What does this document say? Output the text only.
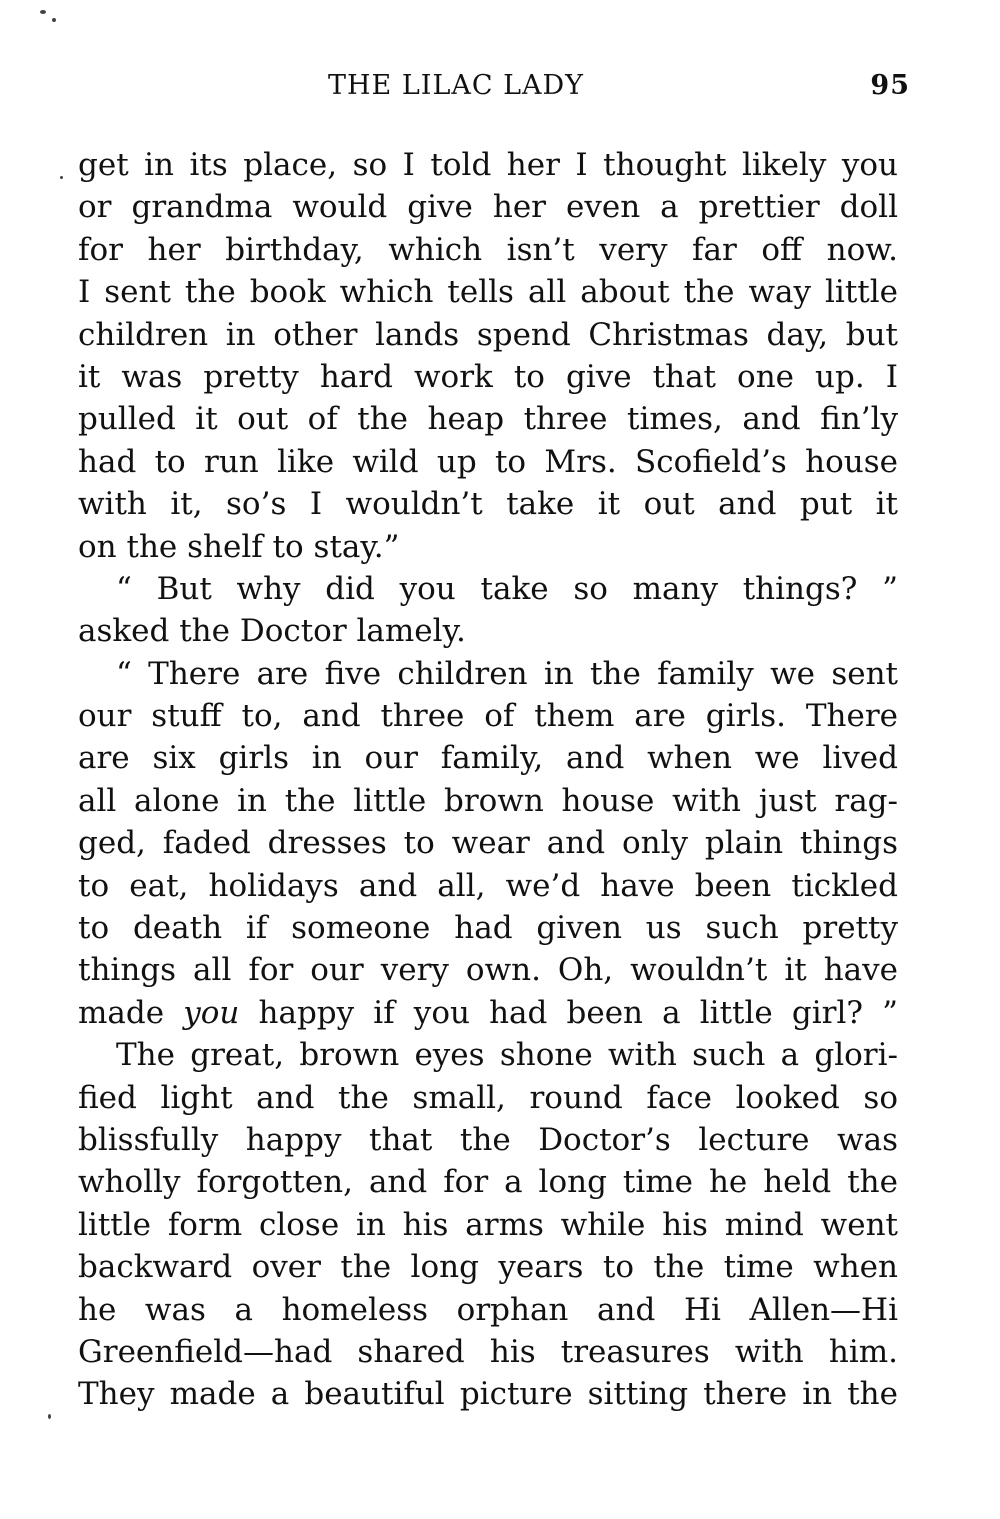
THE LILAC LADY	95
get in its place, so I told her I thought likely you
or grandma would give her even a prettier doll
for her birthday, which isn’t very far off now.
I sent the book which tells all about the way little
children in other lands spend Christmas day, but
it was pretty hard work to give that one up. I
pulled it out of the heap three times, and fin’ly
had to run like wild up to Mrs. Scofield’s house
with it, so’s I wouldn’t take it out and put it
on the shelf to stay.”
“ But why did you take so many things? ”
asked the Doctor lamely.
“ There are five children in the family we sent
our stuff to, and three of them are girls. There
are six girls in our family, and when we lived
all alone in the little brown house with just rag-
ged, faded dresses to wear and only plain things
to eat, holidays and all, we’d have been tickled
to death if someone had given us such pretty
things all for our very own. Oh, wouldn’t it have
made you happy if you had been a little girl? ”
The great, brown eyes shone with such a glori-
fied light and the small, round face looked so
blissfully happy that the Doctor’s lecture was
wholly forgotten, and for a long time he held the
little form close in his arms while his mind went
backward over the long years to the time when
he was a homeless orphan and Hi Allen—Hi
Greenfield—had shared his treasures with him.
They made a beautiful picture sitting there in the
